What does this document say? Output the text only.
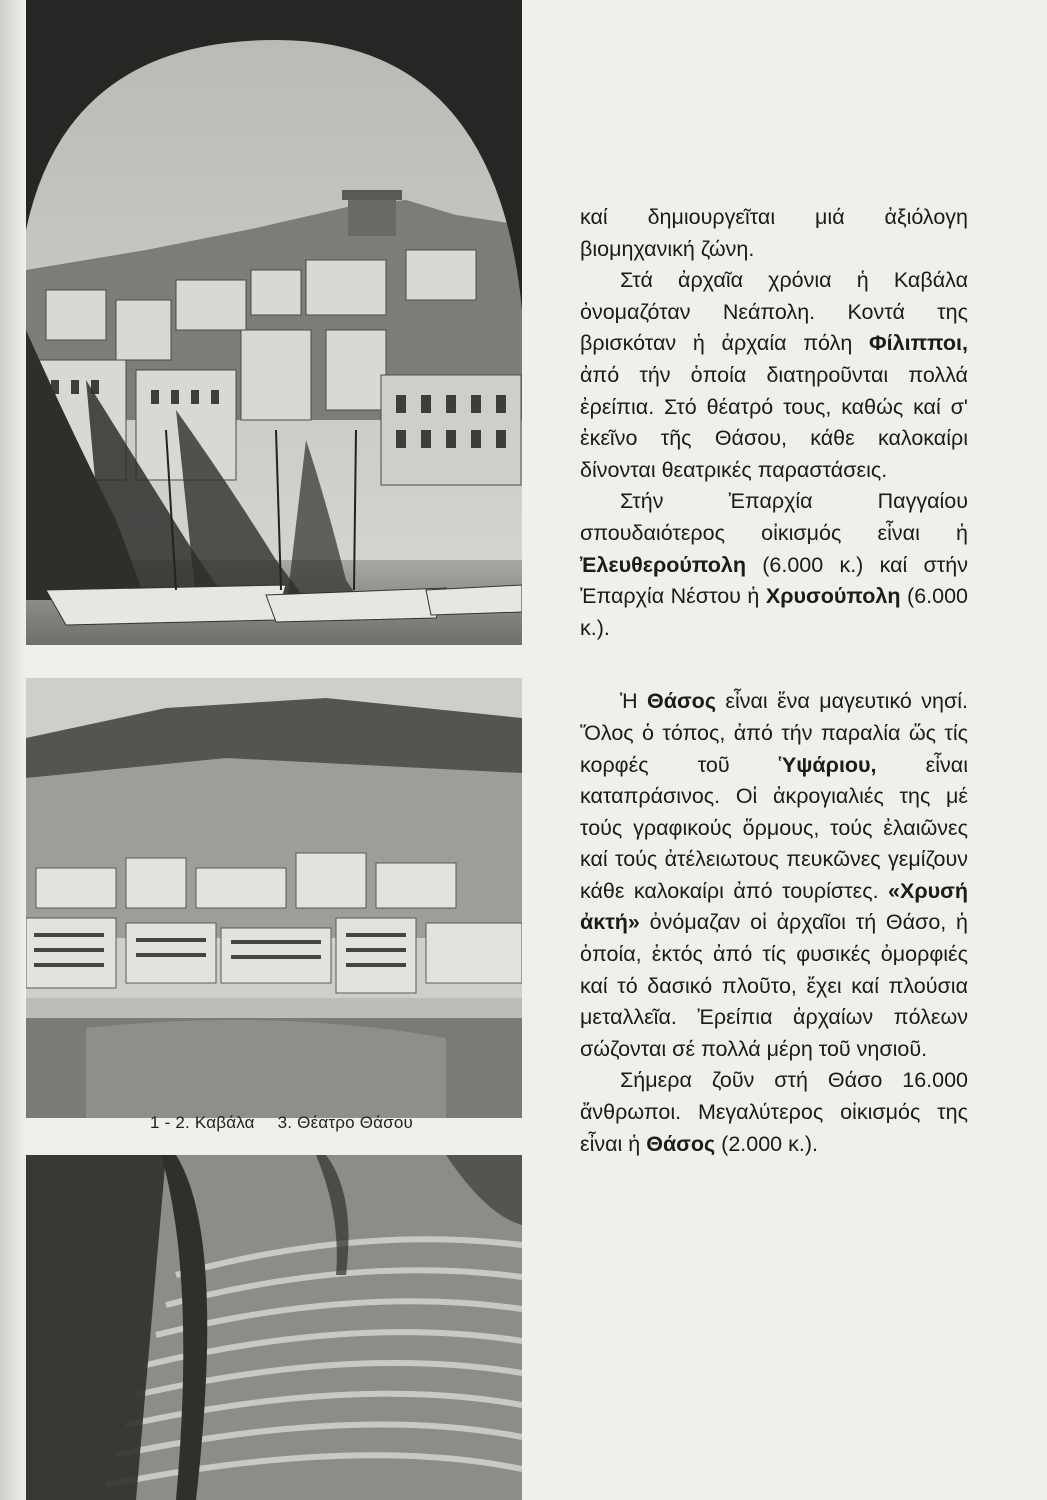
1 - 2. Καβάλα 3. Θέατρο Θάσου

καί δημιουργεῖται μιά ἀξιόλογη βιομηχανική ζώνη.

Στά ἀρχαῖα χρόνια ἡ Καβάλα ὀνομαζόταν Νεάπολη. Κοντά της βρισκόταν ἡ ἀρχαία πόλη Φίλιπποι, ἀπό τήν ὁποία διατηροῦνται πολλά ἐρείπια. Στό θέατρό τους, καθώς καί σ' ἐκεῖνο τῆς Θάσου, κάθε καλοκαίρι δίνονται θεατρικές παραστάσεις.

Στήν Ἐπαρχία Παγγαίου σπουδαιότερος οἰκισμός εἶναι ἡ Ἐλευθερούπολη (6.000 κ.) καί στήν Ἐπαρχία Νέστου ἡ Χρυσούπολη (6.000 κ.).

Ἡ Θάσος εἶναι ἕνα μαγευτικό νησί. Ὅλος ὁ τόπος, ἀπό τήν παραλία ὥς τίς κορφές τοῦ Ὑψάριου, εἶναι καταπράσινος. Οἱ ἀκρογιαλιές της μέ τούς γραφικούς ὅρμους, τούς ἐλαιῶνες καί τούς ἀτέλειωτους πευκῶνες γεμίζουν κάθε καλοκαίρι ἀπό τουρίστες. «Χρυσή ἀκτή» ὀνόμαζαν οἱ ἀρχαῖοι τή Θάσο, ἡ ὁποία, ἐκτός ἀπό τίς φυσικές ὀμορφιές καί τό δασικό πλοῦτο, ἔχει καί πλούσια μεταλλεῖα. Ἐρείπια ἀρχαίων πόλεων σώζονται σέ πολλά μέρη τοῦ νησιοῦ.

Σήμερα ζοῦν στή Θάσο 16.000 ἄνθρωποι. Μεγαλύτερος οἰκισμός της εἶναι ἡ Θάσος (2.000 κ.).
